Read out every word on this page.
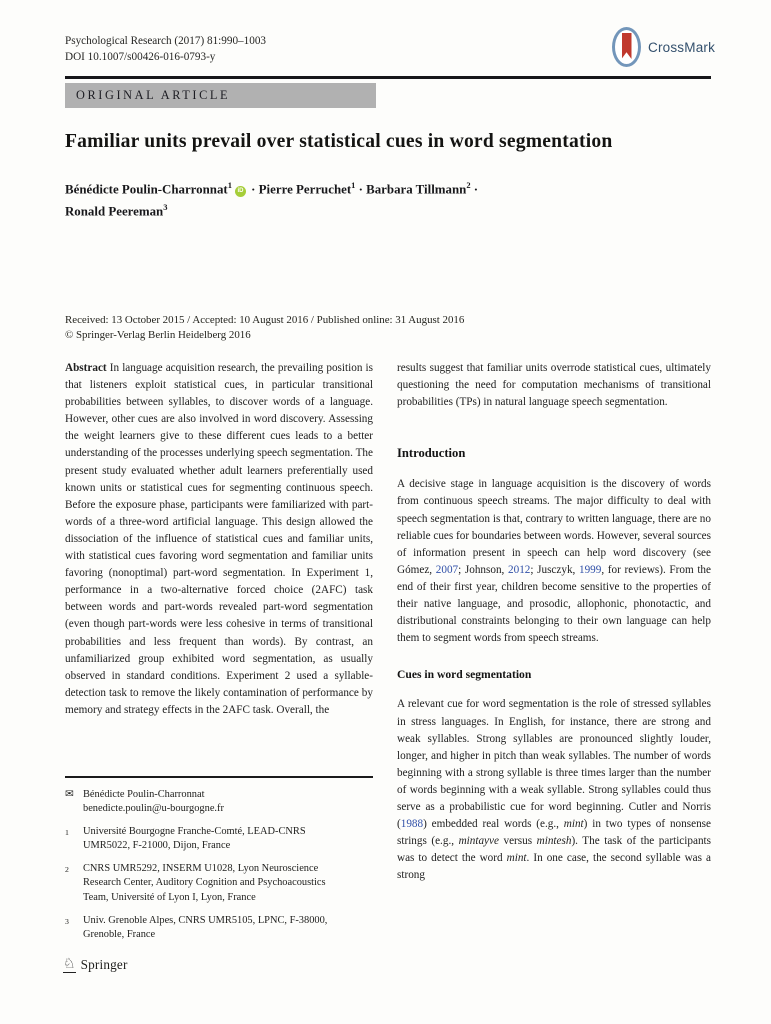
Psychological Research (2017) 81:990–1003
DOI 10.1007/s00426-016-0793-y
CrossMark
ORIGINAL ARTICLE
Familiar units prevail over statistical cues in word segmentation
Bénédicte Poulin-Charronnat$^1$iD · Pierre Perruchet$^1$ · Barbara Tillmann$^2$ ·
Ronald Peereman$^3$
Received: 13 October 2015 / Accepted: 10 August 2016 / Published online: 31 August 2016
© Springer-Verlag Berlin Heidelberg 2016

Abstract In language acquisition research, the prevailing position is that listeners exploit statistical cues, in particular transitional probabilities between syllables, to discover words of a language. However, other cues are also involved in word discovery. Assessing the weight learners give to these different cues leads to a better understanding of the processes underlying speech segmentation. The present study evaluated whether adult learners preferentially used known units or statistical cues for segmenting continuous speech. Before the exposure phase, participants were familiarized with part-words of a three-word artificial language. This design allowed the dissociation of the influence of statistical cues and familiar units, with statistical cues favoring word segmentation and familiar units favoring (nonoptimal) part-word segmentation. In Experiment 1, performance in a two-alternative forced choice (2AFC) task between words and part-words revealed part-word segmentation (even though part-words were less cohesive in terms of transitional probabilities and less frequent than words). By contrast, an unfamiliarized group exhibited word segmentation, as usually observed in standard conditions. Experiment 2 used a syllable-detection task to remove the likely contamination of performance by memory and strategy effects in the 2AFC task. Overall, the

results suggest that familiar units overrode statistical cues, ultimately questioning the need for computation mechanisms of transitional probabilities (TPs) in natural language speech segmentation.

Introduction

A decisive stage in language acquisition is the discovery of words from continuous speech streams. The major difficulty to deal with speech segmentation is that, contrary to written language, there are no reliable cues for boundaries between words. However, several sources of information present in speech can help word discovery (see Gómez, 2007; Johnson, 2012; Jusczyk, 1999, for reviews). From the end of their first year, children become sensitive to the properties of their native language, and prosodic, allophonic, phonotactic, and distributional constraints belonging to their own language can help them to segment words from speech streams.

Cues in word segmentation

A relevant cue for word segmentation is the role of stressed syllables in stress languages. In English, for instance, there are strong and weak syllables. Strong syllables are pronounced slightly louder, longer, and higher in pitch than weak syllables. The number of words beginning with a strong syllable is three times larger than the number of words beginning with a weak syllable. Strong syllables could thus serve as a probabilistic cue for word beginning. Cutler and Norris (1988) embedded real words (e.g., mint) in two types of nonsense strings (e.g., mintayve versus mintesh). The task of the participants was to detect the word mint. In one case, the second syllable was a strong

✉ Bénédicte Poulin-Charronnat
benedicte.poulin@u-bourgogne.fr
1	Université Bourgogne Franche-Comté, LEAD-CNRS UMR5022, F-21000, Dijon, France
2	CNRS UMR5292, INSERM U1028, Lyon Neuroscience Research Center, Auditory Cognition and Psychoacoustics Team, Université of Lyon I, Lyon, France
3	Univ. Grenoble Alpes, CNRS UMR5105, LPNC, F-38000, Grenoble, France
♘ Springer
